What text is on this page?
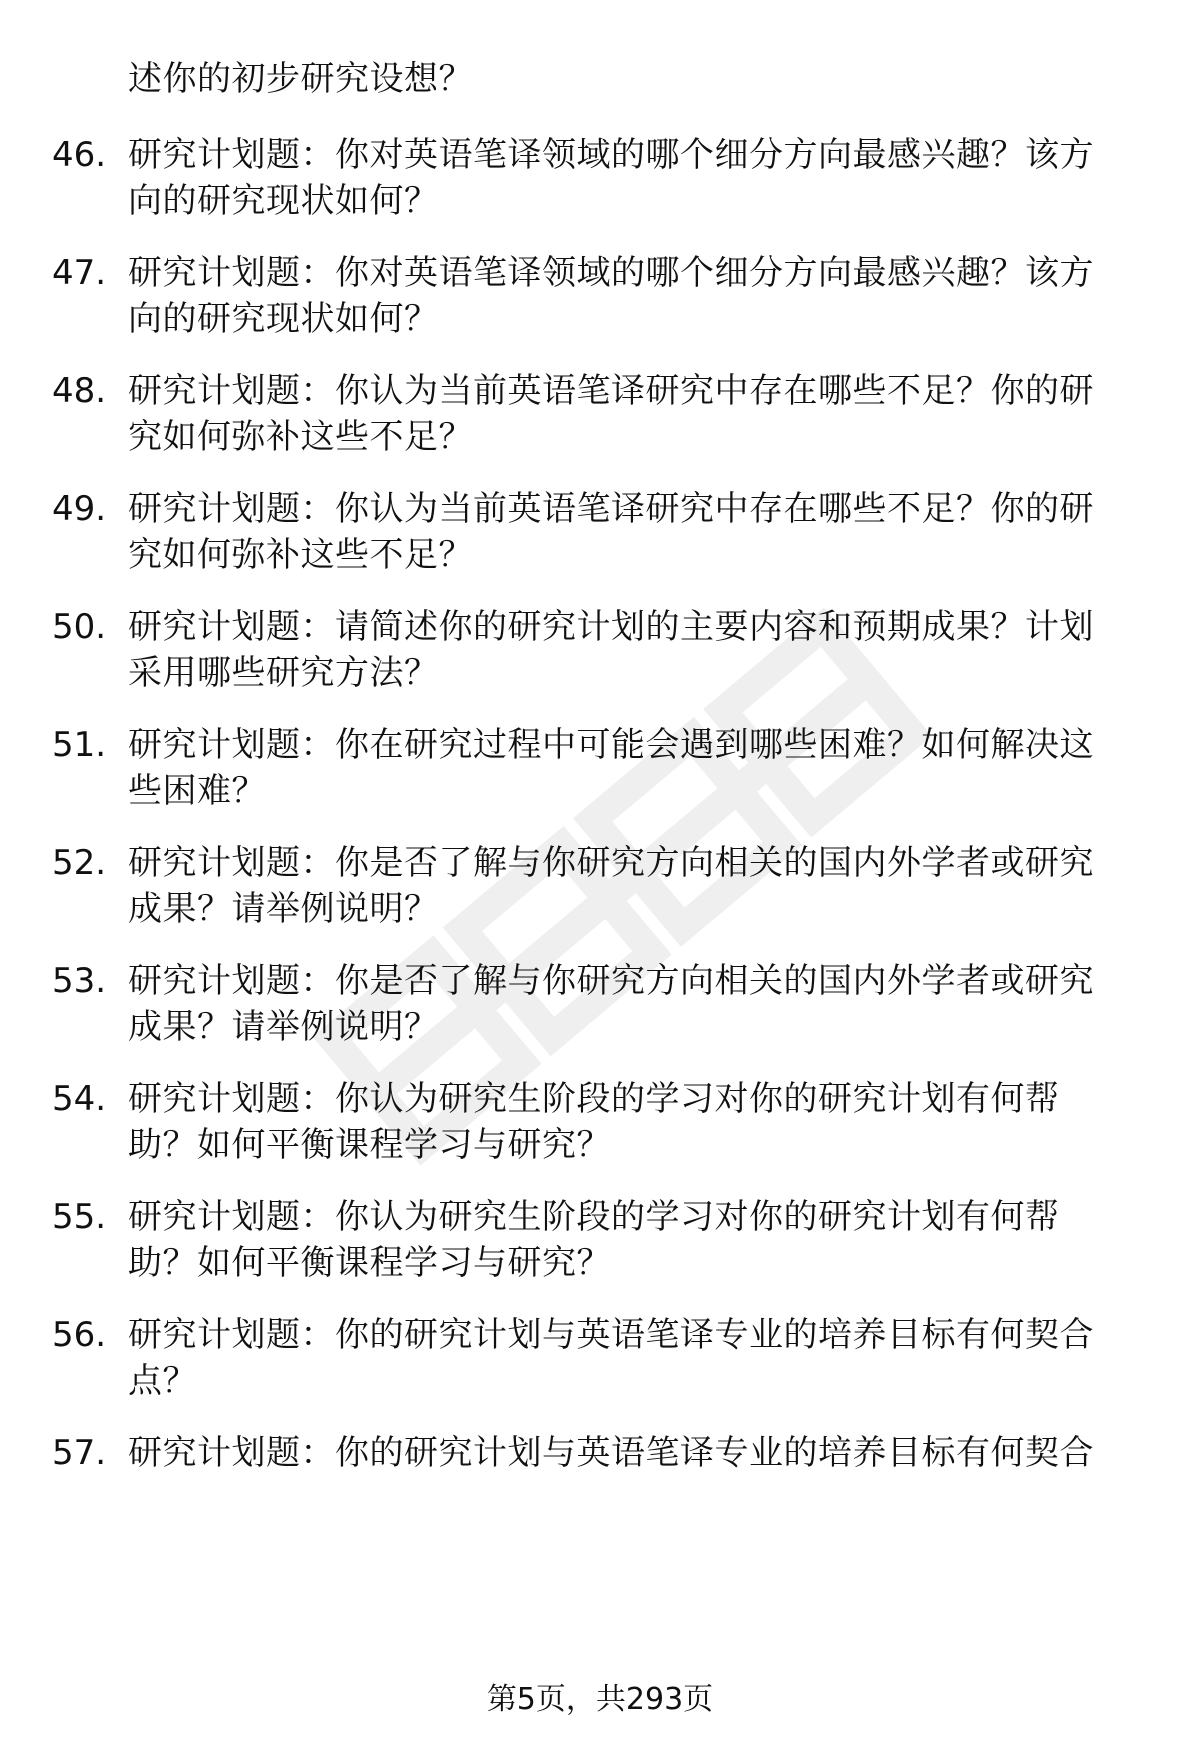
述你的初步研究设想？
46. 研究计划题：你对英语笔译领域的哪个细分方向最感兴趣？该方
向的研究现状如何？
47. 研究计划题：你对英语笔译领域的哪个细分方向最感兴趣？该方
向的研究现状如何？
48. 研究计划题：你认为当前英语笔译研究中存在哪些不足？你的研
究如何弥补这些不足？
49. 研究计划题：你认为当前英语笔译研究中存在哪些不足？你的研
究如何弥补这些不足？
50. 研究计划题：请简述你的研究计划的主要内容和预期成果？计划
采用哪些研究方法？
51. 研究计划题：你在研究过程中可能会遇到哪些困难？如何解决这
些困难？
52. 研究计划题：你是否了解与你研究方向相关的国内外学者或研究
成果？请举例说明？
53. 研究计划题：你是否了解与你研究方向相关的国内外学者或研究
成果？请举例说明？
54. 研究计划题：你认为研究生阶段的学习对你的研究计划有何帮
助？如何平衡课程学习与研究？
55. 研究计划题：你认为研究生阶段的学习对你的研究计划有何帮
助？如何平衡课程学习与研究？
56. 研究计划题：你的研究计划与英语笔译专业的培养目标有何契合
点？
57. 研究计划题：你的研究计划与英语笔译专业的培养目标有何契合
第5页，共293页
